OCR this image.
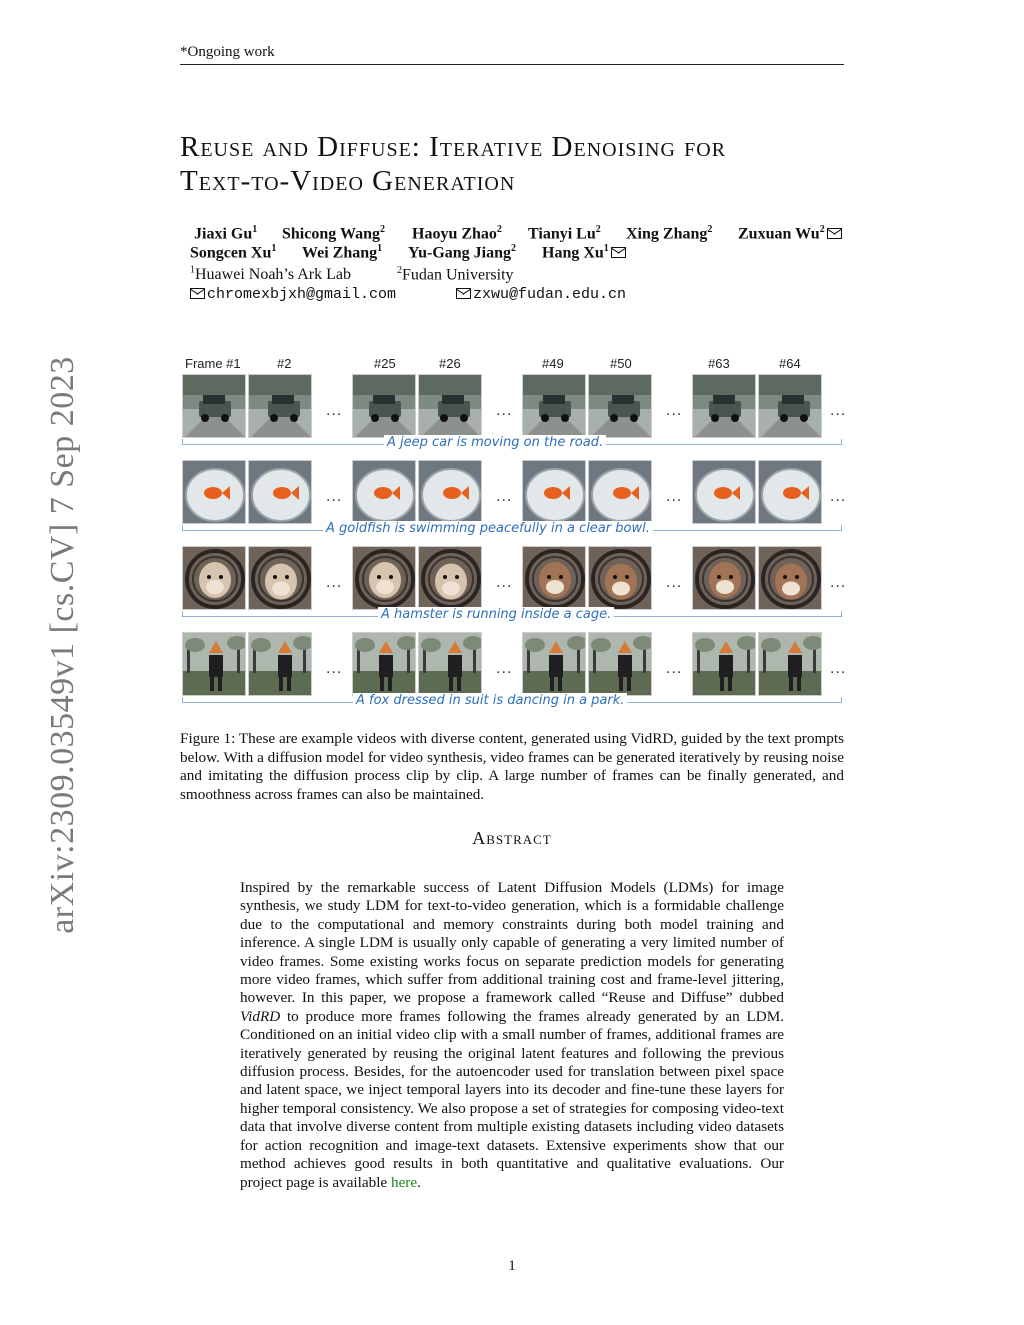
*Ongoing work
arXiv:2309.03549v1 [cs.CV] 7 Sep 2023
Reuse and Diffuse: Iterative Denoising for
Text-to-Video Generation
Jiaxi Gu$^1$ Shicong Wang$^2$ Haoyu Zhao$^2$ Tianyi Lu$^2$ Xing Zhang$^2$ Zuxuan Wu$^2$
Songcen Xu$^1$ Wei Zhang$^1$ Yu-Gang Jiang$^2$ Hang Xu$^1$
$^1$Huawei Noah’s Ark Lab	$^2$Fudan University
chromexbjxh@gmail.com	zxwu@fudan.edu.cn
Frame #1	#2	#25	#26	#49	#50	#63	#64
...	...	...	...
A jeep car is moving on the road.
...	...	...	...
A goldfish is swimming peacefully in a clear bowl.
...	...	...	...
A hamster is running inside a cage.
...	...	...	...
A fox dressed in suit is dancing in a park.

Figure 1: These are example videos with diverse content, generated using VidRD, guided by the text prompts below. With a diffusion model for video synthesis, video frames can be generated iteratively by reusing noise and imitating the diffusion process clip by clip. A large number of frames can be finally generated, and smoothness across frames can also be maintained.

Abstract

Inspired by the remarkable success of Latent Diffusion Models (LDMs) for image synthesis, we study LDM for text-to-video generation, which is a formidable challenge due to the computational and memory constraints during both model training and inference. A single LDM is usually only capable of generating a very limited number of video frames. Some existing works focus on separate prediction models for generating more video frames, which suffer from additional training cost and frame-level jittering, however. In this paper, we propose a framework called “Reuse and Diffuse” dubbed VidRD to produce more frames following the frames already generated by an LDM. Conditioned on an initial video clip with a small number of frames, additional frames are iteratively generated by reusing the original latent features and following the previous diffusion process. Besides, for the autoencoder used for translation between pixel space and latent space, we inject temporal layers into its decoder and fine-tune these layers for higher temporal consistency. We also propose a set of strategies for composing video-text data that involve diverse content from multiple existing datasets including video datasets for action recognition and image-text datasets. Extensive experiments show that our method achieves good results in both quantitative and qualitative evaluations. Our project page is available here.

1
